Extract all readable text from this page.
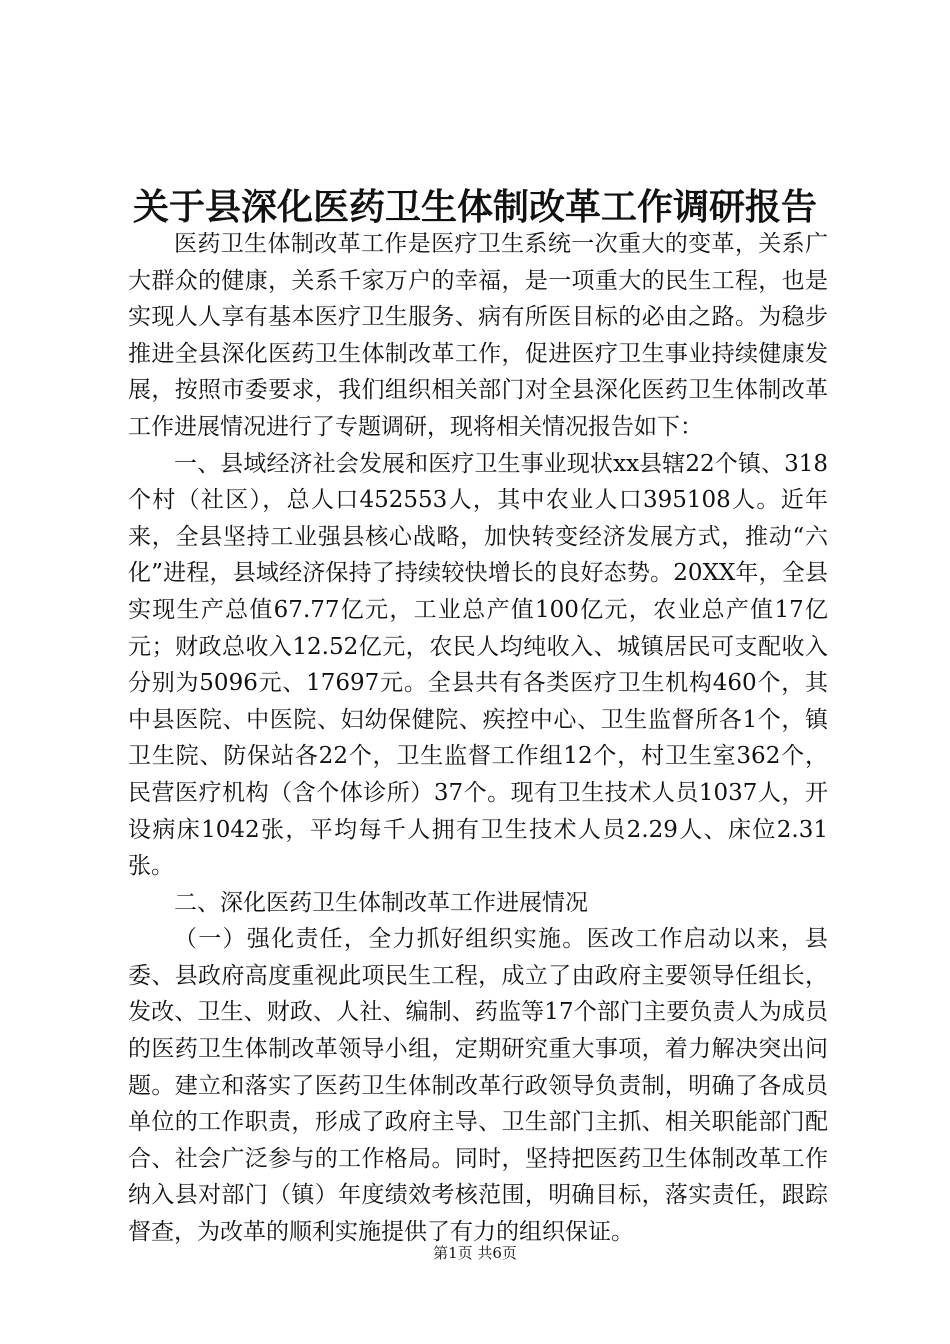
关于县深化医药卫生体制改革工作调研报告

医药卫生体制改革工作是医疗卫生系统一次重大的变革，关系广大群众的健康，关系千家万户的幸福，是一项重大的民生工程，也是实现人人享有基本医疗卫生服务、病有所医目标的必由之路。为稳步推进全县深化医药卫生体制改革工作，促进医疗卫生事业持续健康发展，按照市委要求，我们组织相关部门对全县深化医药卫生体制改革工作进展情况进行了专题调研，现将相关情况报告如下：

一、县域经济社会发展和医疗卫生事业现状xx县辖22个镇、318个村（社区），总人口452553人，其中农业人口395108人。近年来，全县坚持工业强县核心战略，加快转变经济发展方式，推动“六化”进程，县域经济保持了持续较快增长的良好态势。20XX年，全县实现生产总值67.77亿元，工业总产值100亿元，农业总产值17亿元；财政总收入12.52亿元，农民人均纯收入、城镇居民可支配收入分别为5096元、17697元。全县共有各类医疗卫生机构460个，其中县医院、中医院、妇幼保健院、疾控中心、卫生监督所各1个，镇卫生院、防保站各22个，卫生监督工作组12个，村卫生室362个，民营医疗机构（含个体诊所）37个。现有卫生技术人员1037人，开设病床1042张，平均每千人拥有卫生技术人员2.29人、床位2.31张。

二、深化医药卫生体制改革工作进展情况

（一）强化责任，全力抓好组织实施。医改工作启动以来，县委、县政府高度重视此项民生工程，成立了由政府主要领导任组长，发改、卫生、财政、人社、编制、药监等17个部门主要负责人为成员的医药卫生体制改革领导小组，定期研究重大事项，着力解决突出问题。建立和落实了医药卫生体制改革行政领导负责制，明确了各成员单位的工作职责，形成了政府主导、卫生部门主抓、相关职能部门配合、社会广泛参与的工作格局。同时，坚持把医药卫生体制改革工作纳入县对部门（镇）年度绩效考核范围，明确目标，落实责任，跟踪督查，为改革的顺利实施提供了有力的组织保证。

第1页 共6页
